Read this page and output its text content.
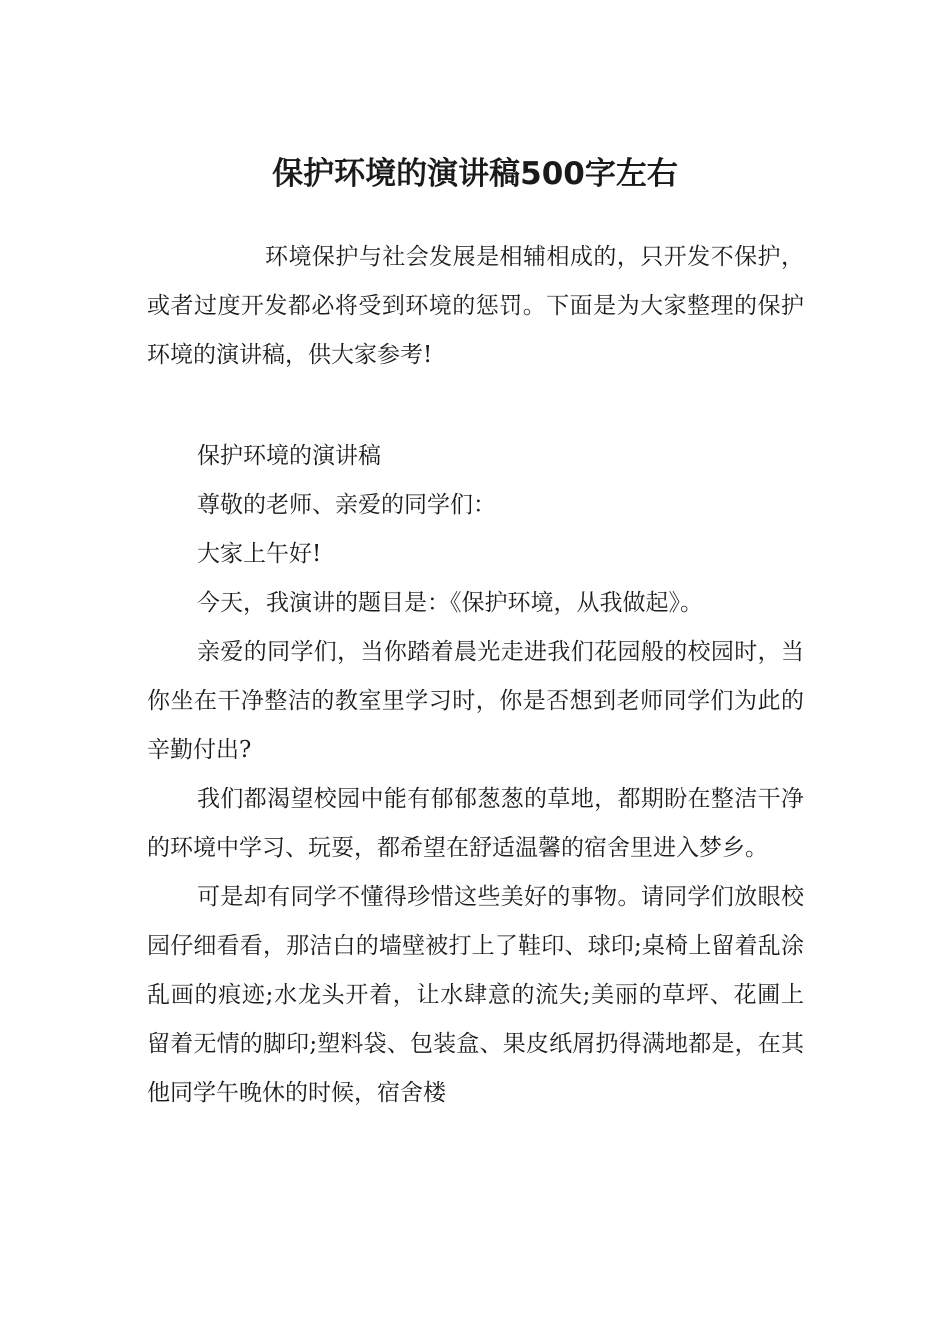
保护环境的演讲稿500字左右

环境保护与社会发展是相辅相成的，只开发不保护，或者过度开发都必将受到环境的惩罚。下面是为大家整理的保护环境的演讲稿，供大家参考!

保护环境的演讲稿

尊敬的老师、亲爱的同学们：

大家上午好!

今天，我演讲的题目是：《保护环境，从我做起》。

亲爱的同学们，当你踏着晨光走进我们花园般的校园时，当你坐在干净整洁的教室里学习时，你是否想到老师同学们为此的辛勤付出?

我们都渴望校园中能有郁郁葱葱的草地，都期盼在整洁干净的环境中学习、玩耍，都希望在舒适温馨的宿舍里进入梦乡。

可是却有同学不懂得珍惜这些美好的事物。请同学们放眼校园仔细看看，那洁白的墙壁被打上了鞋印、球印;桌椅上留着乱涂乱画的痕迹;水龙头开着，让水肆意的流失;美丽的草坪、花圃上留着无情的脚印;塑料袋、包装盒、果皮纸屑扔得满地都是，在其他同学午晚休的时候，宿舍楼
